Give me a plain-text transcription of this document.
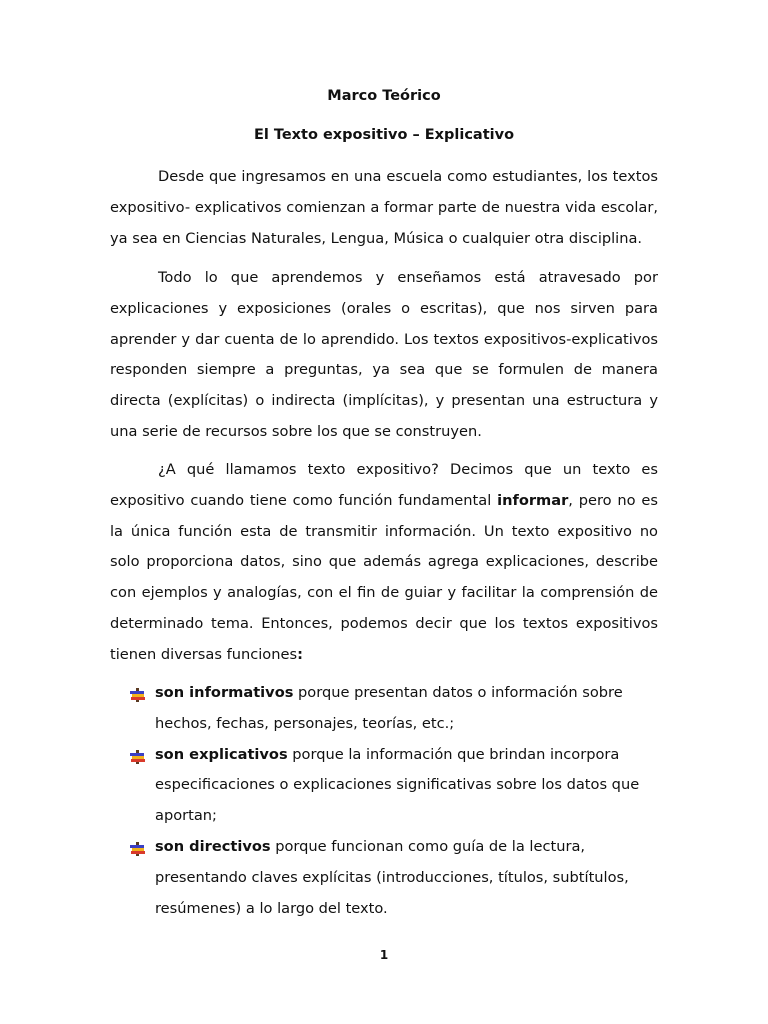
Marco Teórico
El Texto expositivo – Explicativo

Desde que ingresamos en una escuela como estudiantes, los textos expositivo- explicativos comienzan a formar parte de nuestra vida escolar, ya sea en Ciencias Naturales, Lengua, Música o cualquier otra disciplina.

Todo lo que aprendemos y enseñamos está atravesado por explicaciones y exposiciones (orales o escritas), que nos sirven para aprender y dar cuenta de lo aprendido. Los textos expositivos-explicativos responden siempre a preguntas, ya sea que se formulen de manera directa (explícitas) o indirecta (implícitas), y presentan una estructura y una serie de recursos sobre los que se construyen.

¿A qué llamamos texto expositivo? Decimos que un texto es expositivo cuando tiene como función fundamental informar, pero no es la única función esta de transmitir información. Un texto expositivo no solo proporciona datos, sino que además agrega explicaciones, describe con ejemplos y analogías, con el fin de guiar y facilitar la comprensión de determinado tema. Entonces, podemos decir que los textos expositivos tienen diversas funciones:

son informativos porque presentan datos o información sobre hechos, fechas, personajes, teorías, etc.;
son explicativos porque la información que brindan incorpora especificaciones o explicaciones significativas sobre los datos que aportan;
son directivos porque funcionan como guía de la lectura, presentando claves explícitas (introducciones, títulos, subtítulos, resúmenes) a lo largo del texto.
1
